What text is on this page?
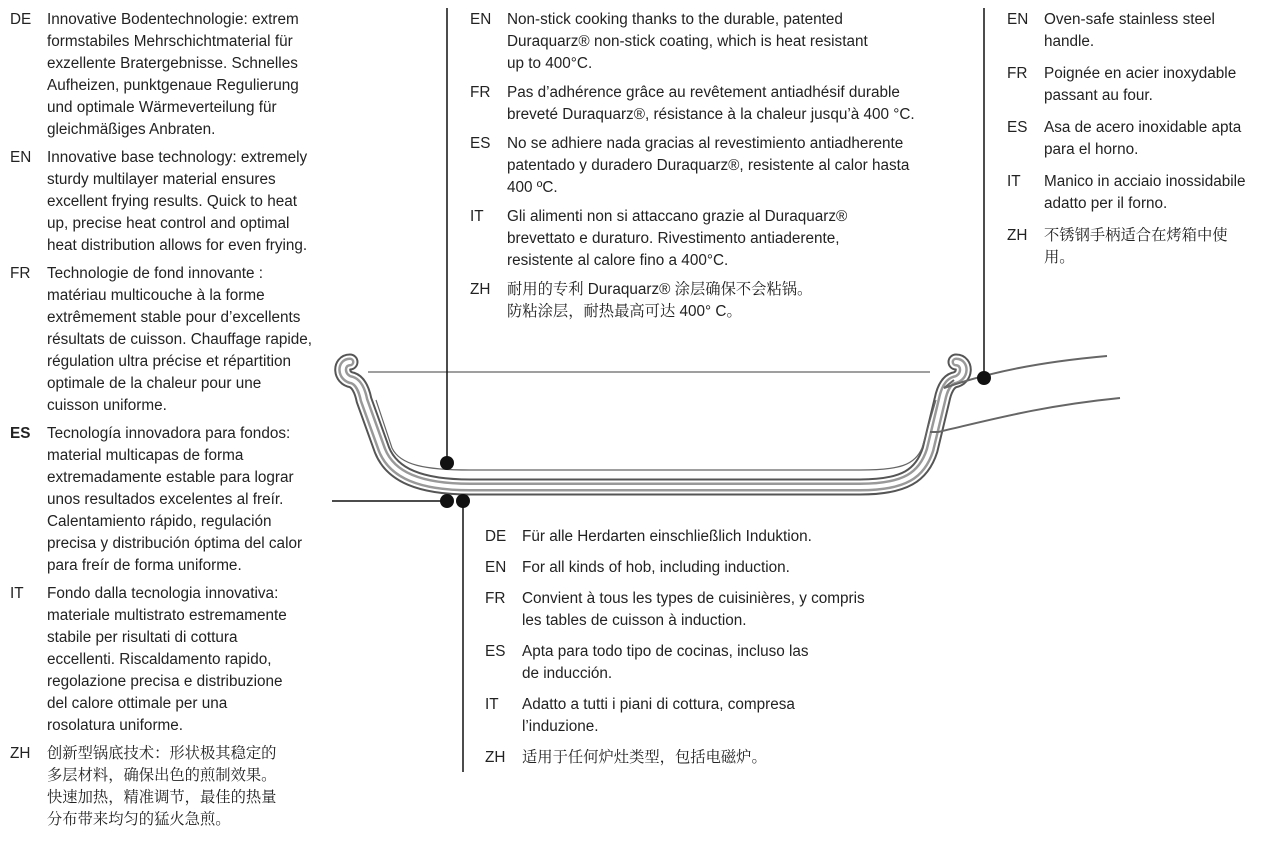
DE	Innovative Bodentechnologie: extrem
formstabiles Mehrschichtmaterial für
exzellente Bratergebnisse. Schnelles
Aufheizen, punktgenaue Regulierung
und optimale Wärmeverteilung für
gleichmäßiges Anbraten.
EN	Innovative base technology: extremely
sturdy multilayer material ensures
excellent frying results. Quick to heat
up, precise heat control and optimal
heat distribution allows for even frying.
FR	Technologie de fond innovante :
matériau multicouche à la forme
extrêmement stable pour d’excellents
résultats de cuisson. Chauffage rapide,
régulation ultra précise et répartition
optimale de la chaleur pour une
cuisson uniforme.
ES	Tecnología innovadora para fondos:
material multicapas de forma
extremadamente estable para lograr
unos resultados excelentes al freír.
Calentamiento rápido, regulación
precisa y distribución óptima del calor
para freír de forma uniforme.
IT	Fondo dalla tecnologia innovativa:
materiale multistrato estremamente
stabile per risultati di cottura
eccellenti. Riscaldamento rapido,
regolazione precisa e distribuzione
del calore ottimale per una
rosolatura uniforme.
ZH	创新型锅底技术：形状极其稳定的
多层材料，确保出色的煎制效果。
快速加热，精准调节，最佳的热量
分布带来均匀的猛火急煎。
EN	Non-stick cooking thanks to the durable, patented
Duraquarz® non-stick coating, which is heat resistant
up to 400°C.
FR	Pas d’adhérence grâce au revêtement antiadhésif durable
breveté Duraquarz®, résistance à la chaleur jusqu’à 400 °C.
ES	No se adhiere nada gracias al revestimiento antiadherente
patentado y duradero Duraquarz®, resistente al calor hasta
400 ºC.
IT	Gli alimenti non si attaccano grazie al Duraquarz®
brevettato e duraturo. Rivestimento antiaderente,
resistente al calore fino a 400°C.
ZH	耐用的专利 Duraquarz® 涂层确保不会粘锅。
防粘涂层，耐热最高可达 400° C。
EN	Oven-safe stainless steel
handle.
FR	Poignée en acier inoxydable
passant au four.
ES	Asa de acero inoxidable apta
para el horno.
IT	Manico in acciaio inossidabile
adatto per il forno.
ZH	不锈钢手柄适合在烤箱中使
用。
DE	Für alle Herdarten einschließlich Induktion.
EN	For all kinds of hob, including induction.
FR	Convient à tous les types de cuisinières, y compris
les tables de cuisson à induction.
ES	Apta para todo tipo de cocinas, incluso las
de inducción.
IT	Adatto a tutti i piani di cottura, compresa
l’induzione.
ZH	适用于任何炉灶类型，包括电磁炉。
